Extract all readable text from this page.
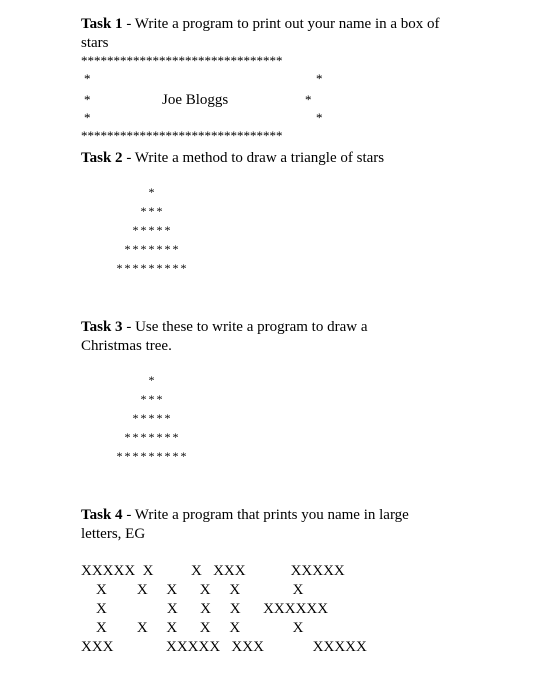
Task 1 - Write a program to print out your name in a box of stars
*******************************
*	*
*	Joe Bloggs	*
*	*
*******************************
Task 2 - Write a method to draw a triangle of stars
*
***
*****
*******
*********
Task 3 - Use these to write a program to draw a Christmas tree.
*
***
*****
*******
*********
Task 4 - Write a program that prints you name in large letters, EG
XXXXX  X          X   XXX            XXXXX
X        X     X      X     X              X
X                X      X     X      XXXXXX
X        X     X      X     X              X
XXX              XXXXX   XXX             XXXXX
